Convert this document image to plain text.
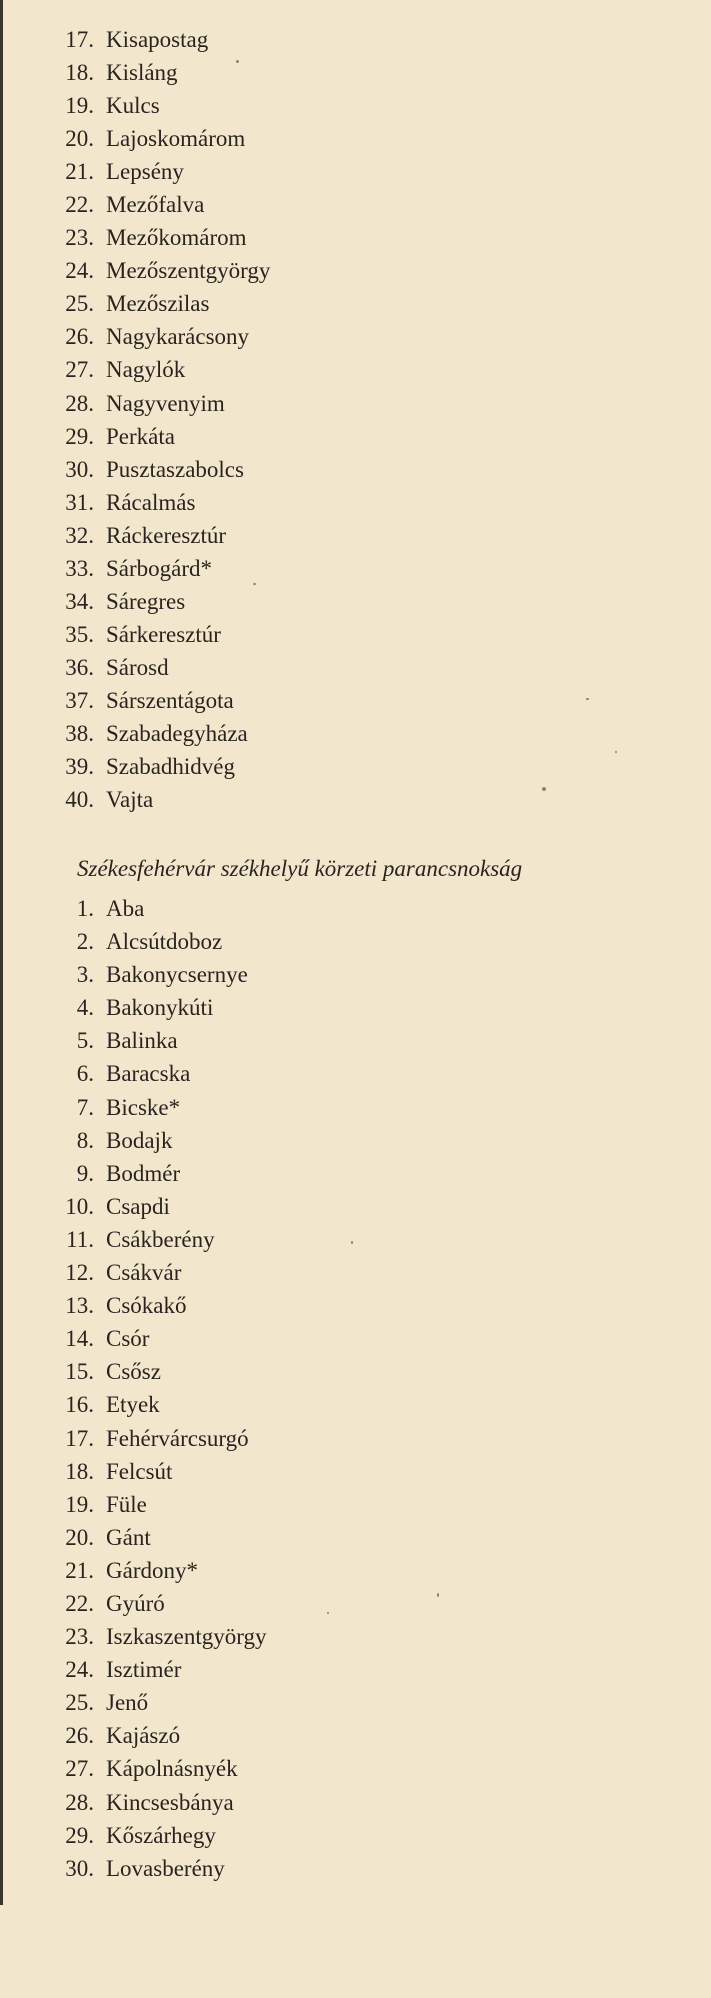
17. Kisapostag
18. Kisláng
19. Kulcs
20. Lajoskomárom
21. Lepsény
22. Mezőfalva
23. Mezőkomárom
24. Mezőszentgyörgy
25. Mezőszilas
26. Nagykarácsony
27. Nagylók
28. Nagyvenyim
29. Perkáta
30. Pusztaszabolcs
31. Rácalmás
32. Ráckeresztúr
33. Sárbogárd*
34. Sáregres
35. Sárkeresztúr
36. Sárosd
37. Sárszentágota
38. Szabadegyháza
39. Szabadhidvég
40. Vajta
Székesfehérvár székhelyű körzeti parancsnokság
1. Aba
2. Alcsútdoboz
3. Bakonycsernye
4. Bakonykúti
5. Balinka
6. Baracska
7. Bicske*
8. Bodajk
9. Bodmér
10. Csapdi
11. Csákberény
12. Csákvár
13. Csókakő
14. Csór
15. Csősz
16. Etyek
17. Fehérvárcsurgó
18. Felcsút
19. Füle
20. Gánt
21. Gárdony*
22. Gyúró
23. Iszkaszentgyörgy
24. Isztimér
25. Jenő
26. Kajászó
27. Kápolnásnyék
28. Kincsesbánya
29. Kőszárhegy
30. Lovasberény
